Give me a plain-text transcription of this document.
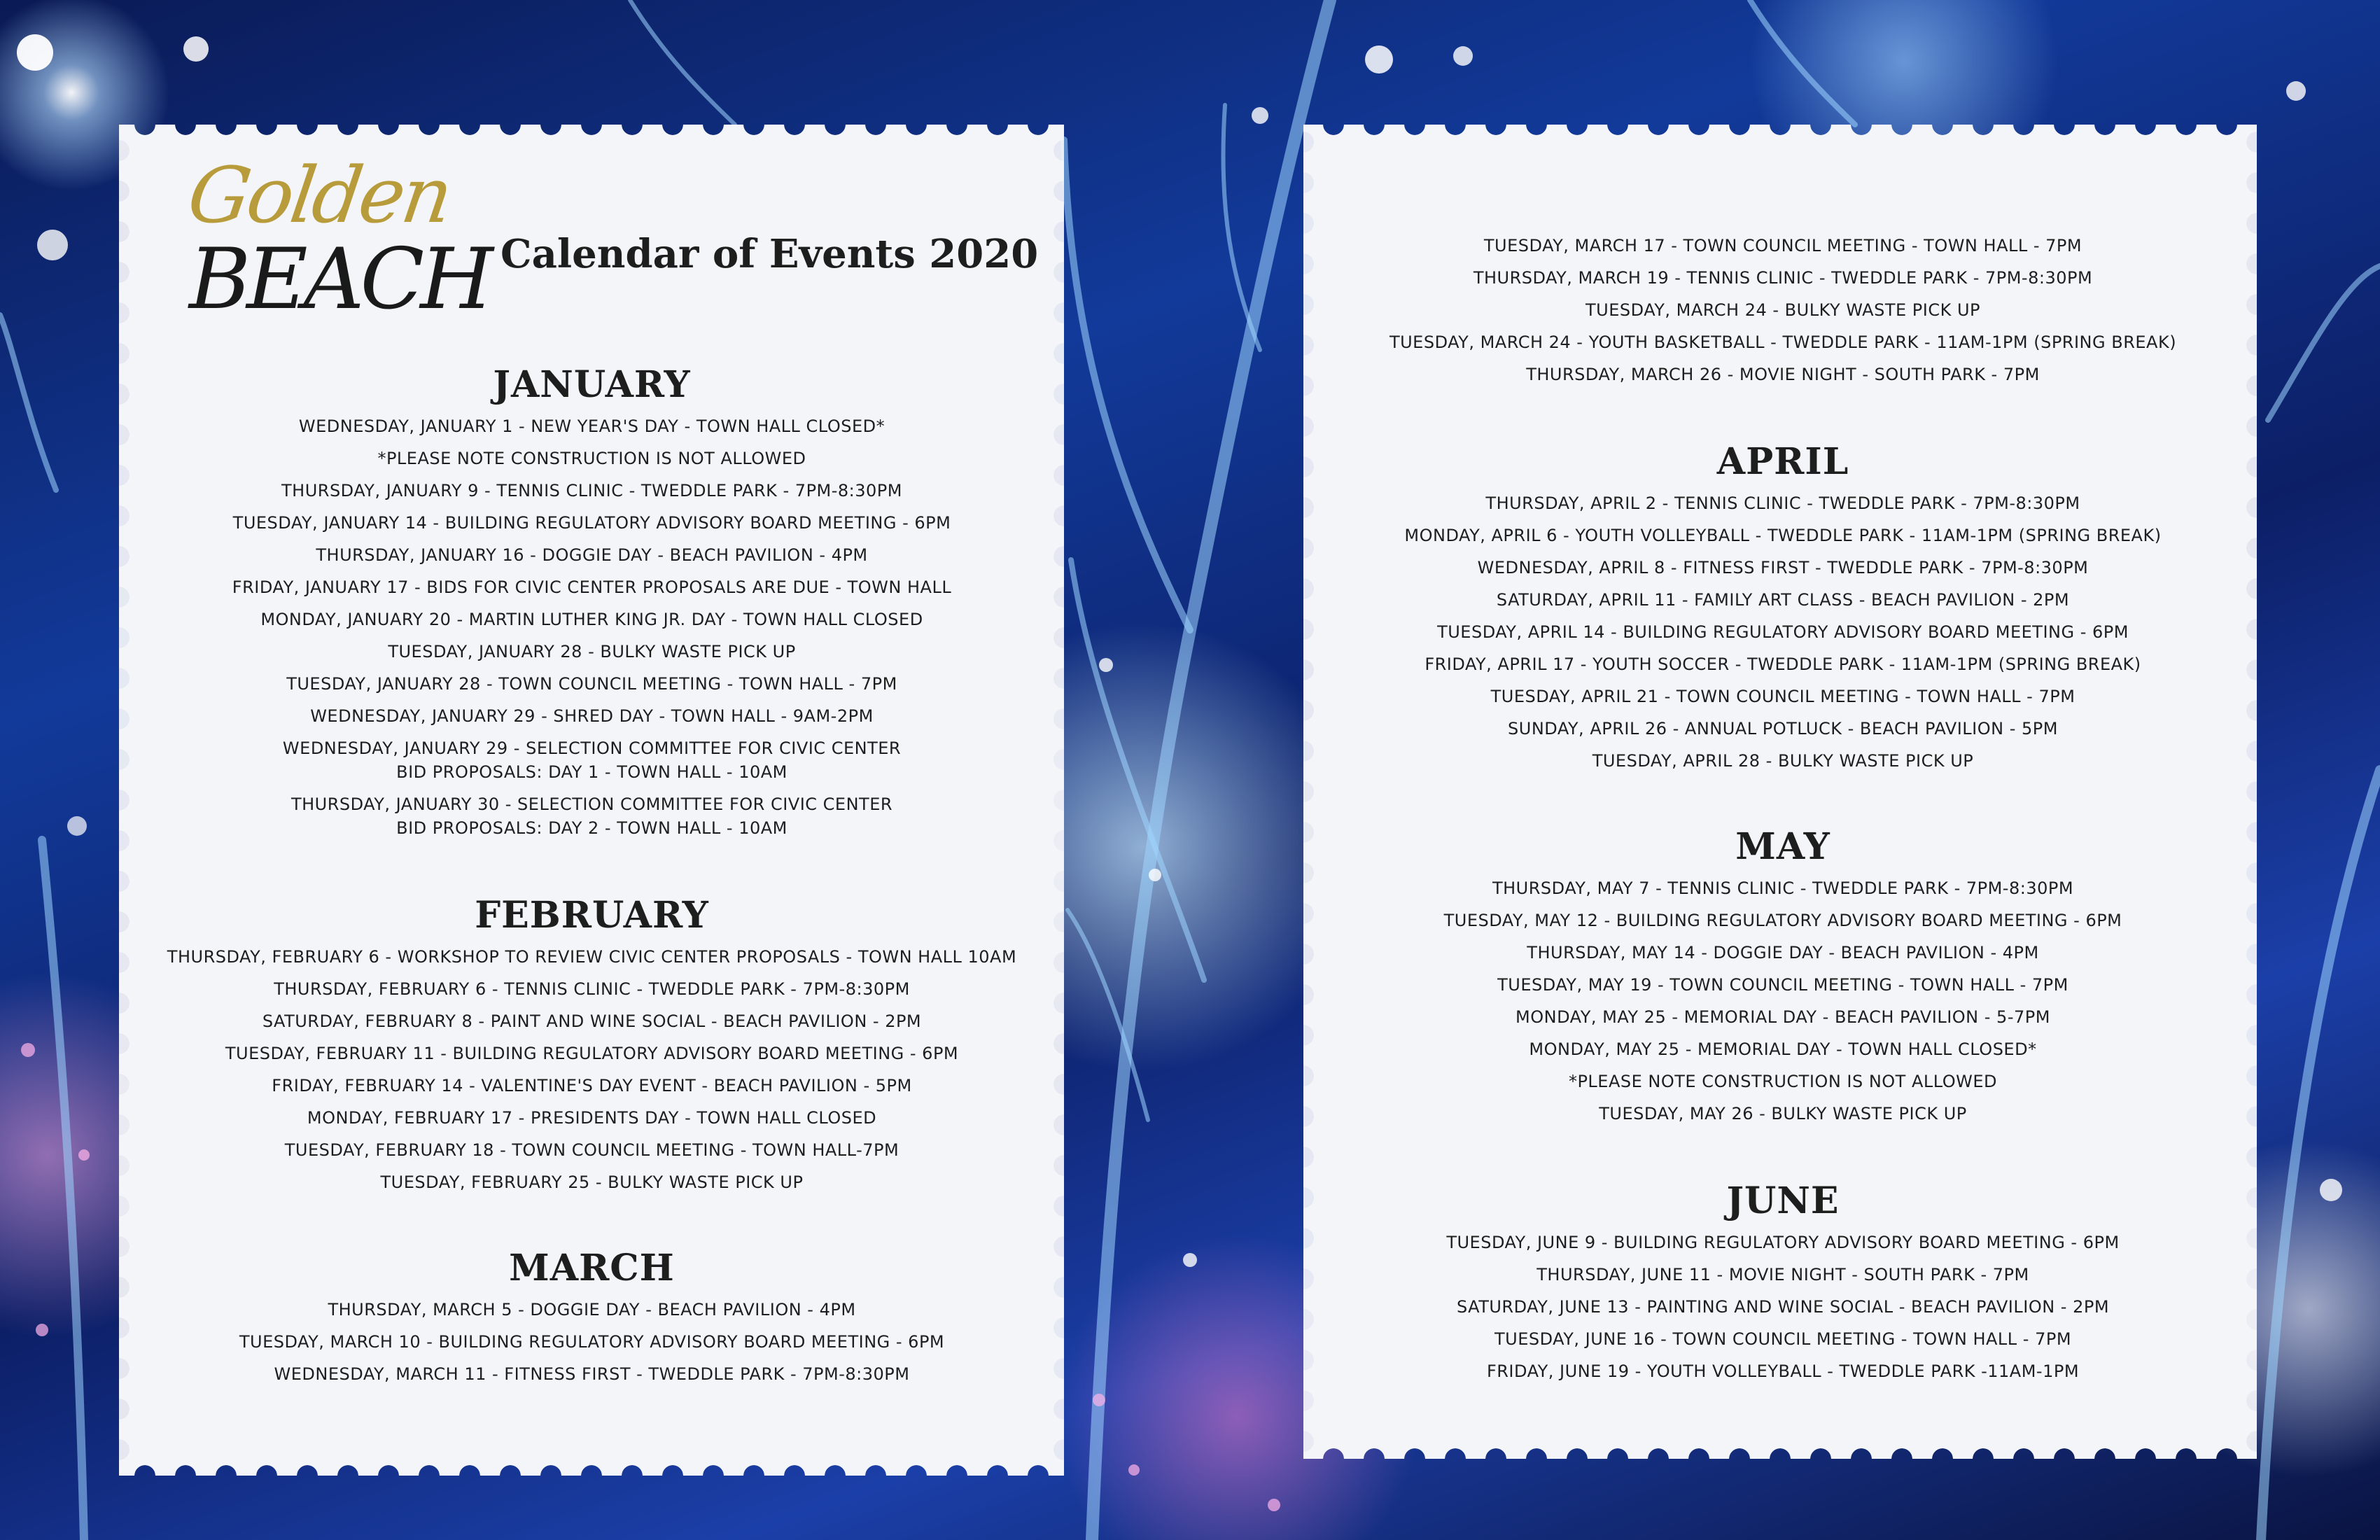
Golden
BEACH Calendar of Events 2020
JANUARY
WEDNESDAY, JANUARY 1 - NEW YEAR'S DAY - TOWN HALL CLOSED*
*PLEASE NOTE CONSTRUCTION IS NOT ALLOWED
THURSDAY, JANUARY 9 - TENNIS CLINIC - TWEDDLE PARK - 7PM-8:30PM
TUESDAY, JANUARY 14 - BUILDING REGULATORY ADVISORY BOARD MEETING - 6PM
THURSDAY, JANUARY 16 - DOGGIE DAY - BEACH PAVILION - 4PM
FRIDAY, JANUARY 17 - BIDS FOR CIVIC CENTER PROPOSALS ARE DUE - TOWN HALL
MONDAY, JANUARY 20 - MARTIN LUTHER KING JR. DAY - TOWN HALL CLOSED
TUESDAY, JANUARY 28 - BULKY WASTE PICK UP
TUESDAY, JANUARY 28 - TOWN COUNCIL MEETING - TOWN HALL - 7PM
WEDNESDAY, JANUARY 29 - SHRED DAY - TOWN HALL - 9AM-2PM
WEDNESDAY, JANUARY 29 - SELECTION COMMITTEE FOR CIVIC CENTER
BID PROPOSALS: DAY 1 - TOWN HALL - 10AM
THURSDAY, JANUARY 30 - SELECTION COMMITTEE FOR CIVIC CENTER
BID PROPOSALS: DAY 2 - TOWN HALL - 10AM
FEBRUARY
THURSDAY, FEBRUARY 6 - WORKSHOP TO REVIEW CIVIC CENTER PROPOSALS - TOWN HALL 10AM
THURSDAY, FEBRUARY 6 - TENNIS CLINIC - TWEDDLE PARK - 7PM-8:30PM
SATURDAY, FEBRUARY 8 - PAINT AND WINE SOCIAL - BEACH PAVILION - 2PM
TUESDAY, FEBRUARY 11 - BUILDING REGULATORY ADVISORY BOARD MEETING - 6PM
FRIDAY, FEBRUARY 14 - VALENTINE'S DAY EVENT - BEACH PAVILION - 5PM
MONDAY, FEBRUARY 17 - PRESIDENTS DAY - TOWN HALL CLOSED
TUESDAY, FEBRUARY 18 - TOWN COUNCIL MEETING - TOWN HALL-7PM
TUESDAY, FEBRUARY 25 - BULKY WASTE PICK UP
MARCH
THURSDAY, MARCH 5 - DOGGIE DAY - BEACH PAVILION - 4PM
TUESDAY, MARCH 10 - BUILDING REGULATORY ADVISORY BOARD MEETING - 6PM
WEDNESDAY, MARCH 11 - FITNESS FIRST - TWEDDLE PARK - 7PM-8:30PM
TUESDAY, MARCH 17 - TOWN COUNCIL MEETING - TOWN HALL - 7PM
THURSDAY, MARCH 19 - TENNIS CLINIC - TWEDDLE PARK - 7PM-8:30PM
TUESDAY, MARCH 24 - BULKY WASTE PICK UP
TUESDAY, MARCH 24 - YOUTH BASKETBALL - TWEDDLE PARK - 11AM-1PM (SPRING BREAK)
THURSDAY, MARCH 26 - MOVIE NIGHT - SOUTH PARK - 7PM
APRIL
THURSDAY, APRIL 2 - TENNIS CLINIC - TWEDDLE PARK - 7PM-8:30PM
MONDAY, APRIL 6 - YOUTH VOLLEYBALL - TWEDDLE PARK - 11AM-1PM (SPRING BREAK)
WEDNESDAY, APRIL 8 - FITNESS FIRST - TWEDDLE PARK - 7PM-8:30PM
SATURDAY, APRIL 11 - FAMILY ART CLASS - BEACH PAVILION - 2PM
TUESDAY, APRIL 14 - BUILDING REGULATORY ADVISORY BOARD MEETING - 6PM
FRIDAY, APRIL 17 - YOUTH SOCCER - TWEDDLE PARK - 11AM-1PM (SPRING BREAK)
TUESDAY, APRIL 21 - TOWN COUNCIL MEETING - TOWN HALL - 7PM
SUNDAY, APRIL 26 - ANNUAL POTLUCK - BEACH PAVILION - 5PM
TUESDAY, APRIL 28 - BULKY WASTE PICK UP
MAY
THURSDAY, MAY 7 - TENNIS CLINIC - TWEDDLE PARK - 7PM-8:30PM
TUESDAY, MAY 12 - BUILDING REGULATORY ADVISORY BOARD MEETING - 6PM
THURSDAY, MAY 14 - DOGGIE DAY - BEACH PAVILION - 4PM
TUESDAY, MAY 19 - TOWN COUNCIL MEETING - TOWN HALL - 7PM
MONDAY, MAY 25 - MEMORIAL DAY - BEACH PAVILION - 5-7PM
MONDAY, MAY 25 - MEMORIAL DAY - TOWN HALL CLOSED*
*PLEASE NOTE CONSTRUCTION IS NOT ALLOWED
TUESDAY, MAY 26 - BULKY WASTE PICK UP
JUNE
TUESDAY, JUNE 9 - BUILDING REGULATORY ADVISORY BOARD MEETING - 6PM
THURSDAY, JUNE 11 - MOVIE NIGHT - SOUTH PARK - 7PM
SATURDAY, JUNE 13 - PAINTING AND WINE SOCIAL - BEACH PAVILION - 2PM
TUESDAY, JUNE 16 - TOWN COUNCIL MEETING - TOWN HALL - 7PM
FRIDAY, JUNE 19 - YOUTH VOLLEYBALL - TWEDDLE PARK -11AM-1PM
